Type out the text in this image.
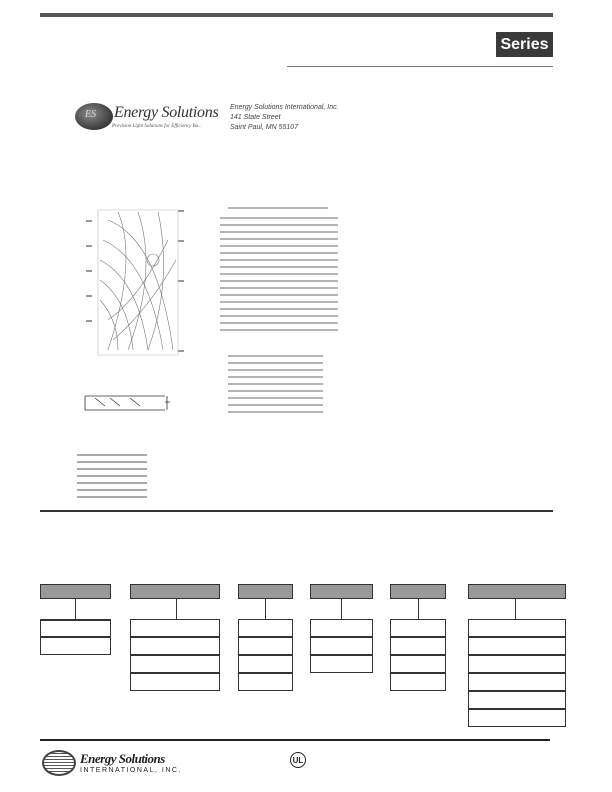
Series
ES Energy Solutions
Provision Light Solutions for Efficiency Bu...
Energy Solutions International, Inc.
141 State Street
Saint Paul, MN 55107
Energy Solutions
INTERNATIONAL, INC.
UL
